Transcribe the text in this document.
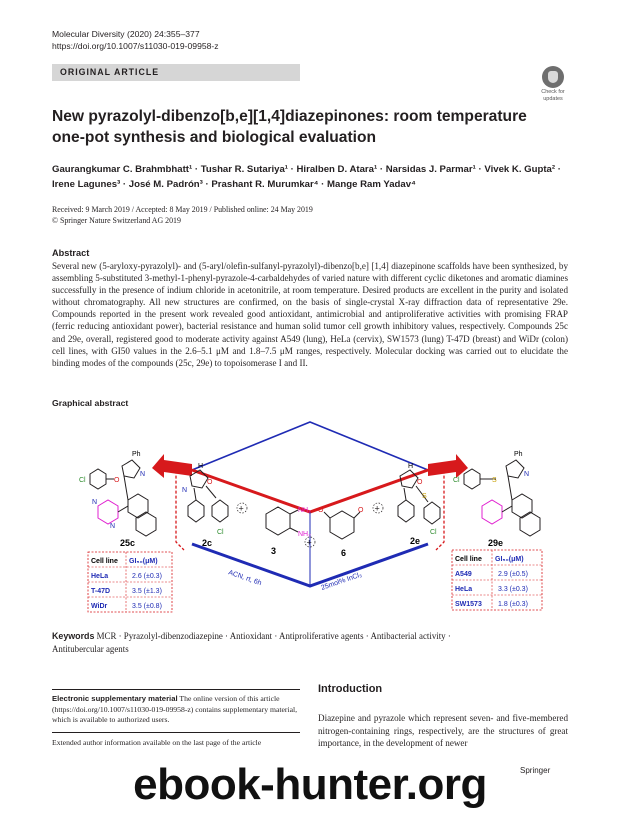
Molecular Diversity (2020) 24:355–377
https://doi.org/10.1007/s11030-019-09958-z
ORIGINAL ARTICLE
Check for
updates
New pyrazolyl-dibenzo[b,e][1,4]diazepinones: room temperature
one-pot synthesis and biological evaluation
Gaurangkumar C. Brahmbhatt¹ · Tushar R. Sutariya¹ · Hiralben D. Atara¹ · Narsidas J. Parmar¹ · Vivek K. Gupta² ·
Irene Lagunes³ · José M. Padrón³ · Prashant R. Murumkar⁴ · Mange Ram Yadav⁴
Received: 9 March 2019 / Accepted: 8 May 2019 / Published online: 24 May 2019
© Springer Nature Switzerland AG 2019
Abstract
Several new (5-aryloxy-pyrazolyl)- and (5-aryl/olefin-sulfanyl-pyrazolyl)-dibenzo[b,e] [1,4] diazepinone scaffolds have been synthesized, by assembling 5-substituted 3-methyl-1-phenyl-pyrazole-4-carbaldehydes of varied nature with different cyclic diketones and aromatic diamines successfully in the presence of indium chloride in acetonitrile, at room temperature. Desired products are excellent in the purity and isolated without chromatography. All new structures are confirmed, on the basis of single-crystal X-ray diffraction data of representative 29e. Compounds reported in the present work revealed good antioxidant, antimicrobial and antiproliferative activities with promising FRAP (ferric reducing antioxidant power), bacterial resistance and human solid tumor cell growth inhibitory values, respectively. Compounds 25c and 29e, overall, registered good to moderate activity against A549 (lung), HeLa (cervix), SW1573 (lung) T-47D (breast) and WiDr (colon) cell lines, with GI50 values in the 2.6–5.1 μM and 1.8–7.5 μM ranges, respectively. Molecular docking was carried out to elucidate the binding modes of the compounds (25c, 29e) to topoisomerase I and II.
Graphical abstract
+
+
+
NH₂
NH₂
3
O	O
6
H
O
N
Cl
2c
H
O
S
Cl
2e
Cl	O
Ph
N
N
N
25c
Cl	S
Ph
N
29e
ACN, rt, 6h	25mol% InCl₃
Cell line GI₅₀(μM)
HeLa	2.6 (±0.3)
T-47D	3.5 (±1.3)
WiDr	3.5 (±0.8)
Cell line GI₅₀(μM)
A549	2.9 (±0.5)
HeLa	3.3 (±0.3)
SW1573 1.8 (±0.3)
Keywords MCR · Pyrazolyl-dibenzodiazepine · Antioxidant · Antiproliferative agents · Antibacterial activity ·
Antitubercular agents
Electronic supplementary material The online version of this article (https://doi.org/10.1007/s11030-019-09958-z) contains supplementary material, which is available to authorized users.
Extended author information available on the last page of the article
Introduction
Diazepine and pyrazole which represent seven- and five-membered nitrogen-containing rings, respectively, are the structures of great importance, in the development of newer
Springer
ebook-hunter.org
